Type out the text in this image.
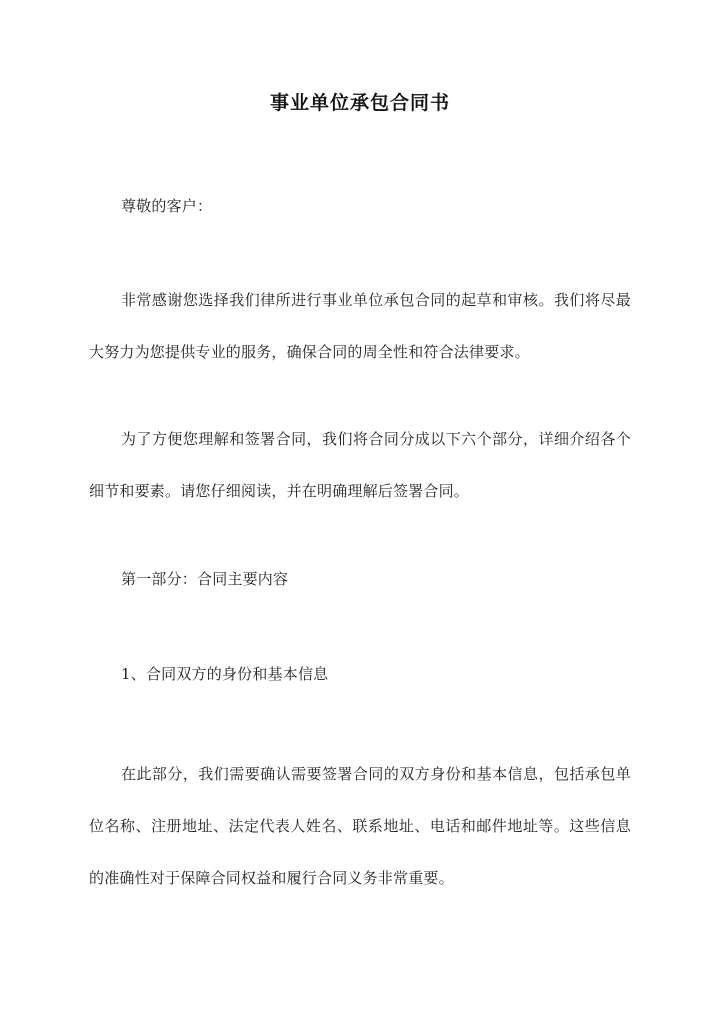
事业单位承包合同书

尊敬的客户：

非常感谢您选择我们律所进行事业单位承包合同的起草和审核。我们将尽最大努力为您提供专业的服务，确保合同的周全性和符合法律要求。

为了方便您理解和签署合同，我们将合同分成以下六个部分，详细介绍各个细节和要素。请您仔细阅读，并在明确理解后签署合同。

第一部分：合同主要内容

1、合同双方的身份和基本信息

在此部分，我们需要确认需要签署合同的双方身份和基本信息，包括承包单位名称、注册地址、法定代表人姓名、联系地址、电话和邮件地址等。这些信息的准确性对于保障合同权益和履行合同义务非常重要。
